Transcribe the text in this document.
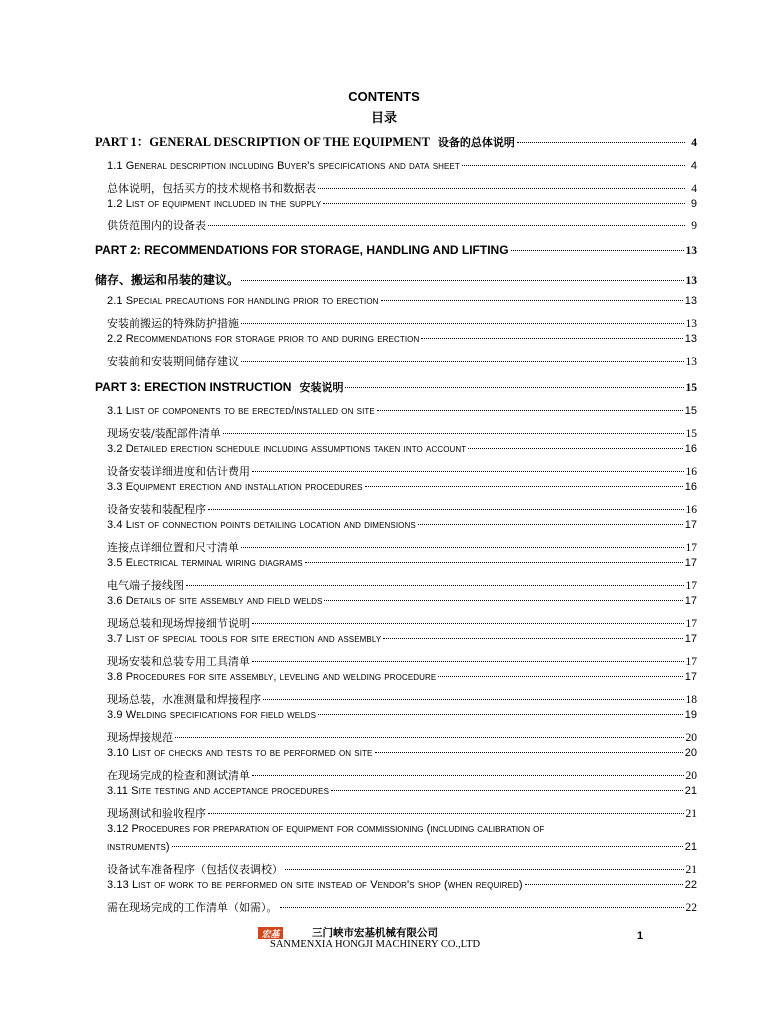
CONTENTS
目录
PART 1：GENERAL DESCRIPTION OF THE EQUIPMENT 设备的总体说明	4
1.1 General description including Buyer's specifications and data sheet	4
总体说明，包括买方的技术规格书和数据表	4
1.2 List of equipment included in the supply	9
供货范围内的设备表	9
PART 2: RECOMMENDATIONS FOR STORAGE, HANDLING AND LIFTING	13
储存、搬运和吊装的建议。	13
2.1 Special precautions for handling prior to erection	13
安装前搬运的特殊防护措施	13
2.2 Recommendations for storage prior to and during erection	13
安装前和安装期间储存建议	13
PART 3: ERECTION INSTRUCTION 安装说明	15
3.1 List of components to be erected/installed on site	15
现场安装/装配部件清单	15
3.2 Detailed erection schedule including assumptions taken into account	16
设备安装详细进度和估计费用	16
3.3 Equipment erection and installation procedures	16
设备安装和装配程序	16
3.4 List of connection points detailing location and dimensions	17
连接点详细位置和尺寸清单	17
3.5 Electrical terminal wiring diagrams	17
电气端子接线图	17
3.6 Details of site assembly and field welds	17
现场总装和现场焊接细节说明	17
3.7 List of special tools for site erection and assembly	17
现场安装和总装专用工具清单	17
3.8 Procedures for site assembly, leveling and welding procedure	17
现场总装，水准测量和焊接程序	18
3.9 Welding specifications for field welds	19
现场焊接规范	20
3.10 List of checks and tests to be performed on site	20
在现场完成的检查和测试清单	20
3.11 Site testing and acceptance procedures	21
现场测试和验收程序	21
3.12 Procedures for preparation of equipment for commissioning (including calibration of
instruments)	21
设备试车准备程序（包括仪表调校）	21
3.13 List of work to be performed on site instead of Vendor's shop (when required)	22
需在现场完成的工作清单（如需）。	22
宏基	三门峡市宏基机械有限公司
SANMENXIA HONGJI MACHINERY CO.,LTD
1
